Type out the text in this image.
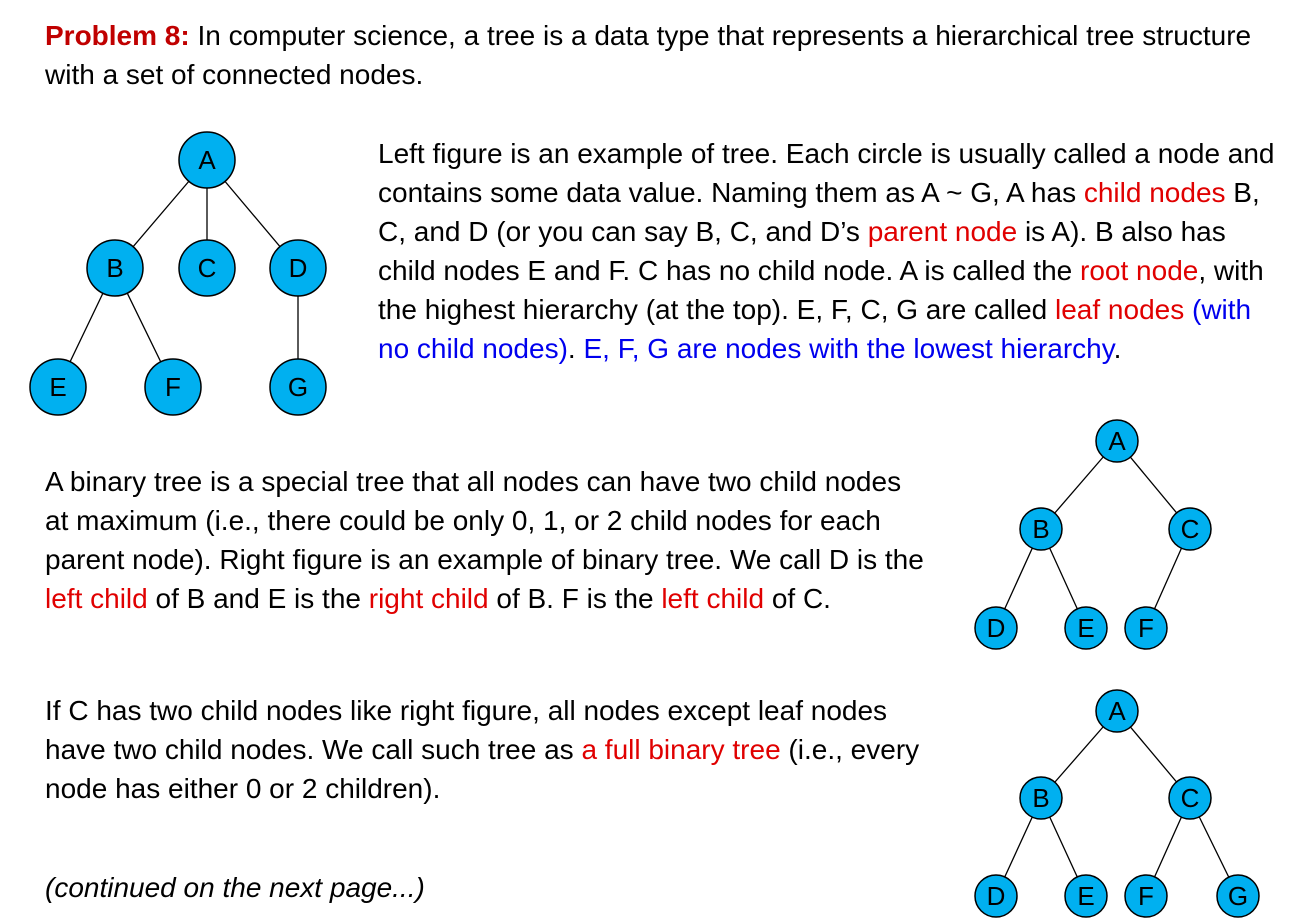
Problem 8: In computer science, a tree is a data type that represents a hierarchical tree structure with a set of connected nodes.

A
B	C	D
E	F	G
A
B	C
D	E F
A
B	C
D	E F	G

Left figure is an example of tree. Each circle is usually called a node and contains some data value. Naming them as A ~ G, A has child nodes B, C, and D (or you can say B, C, and D’s parent node is A). B also has child nodes E and F. C has no child node. A is called the root node, with the highest hierarchy (at the top). E, F, C, G are called leaf nodes (with no child nodes). E, F, G are nodes with the lowest hierarchy.

A binary tree is a special tree that all nodes can have two child nodes at maximum (i.e., there could be only 0, 1, or 2 child nodes for each parent node). Right figure is an example of binary tree. We call D is the left child of B and E is the right child of B. F is the left child of C.

If C has two child nodes like right figure, all nodes except leaf nodes have two child nodes. We call such tree as a full binary tree (i.e., every node has either 0 or 2 children).

(continued on the next page...)
